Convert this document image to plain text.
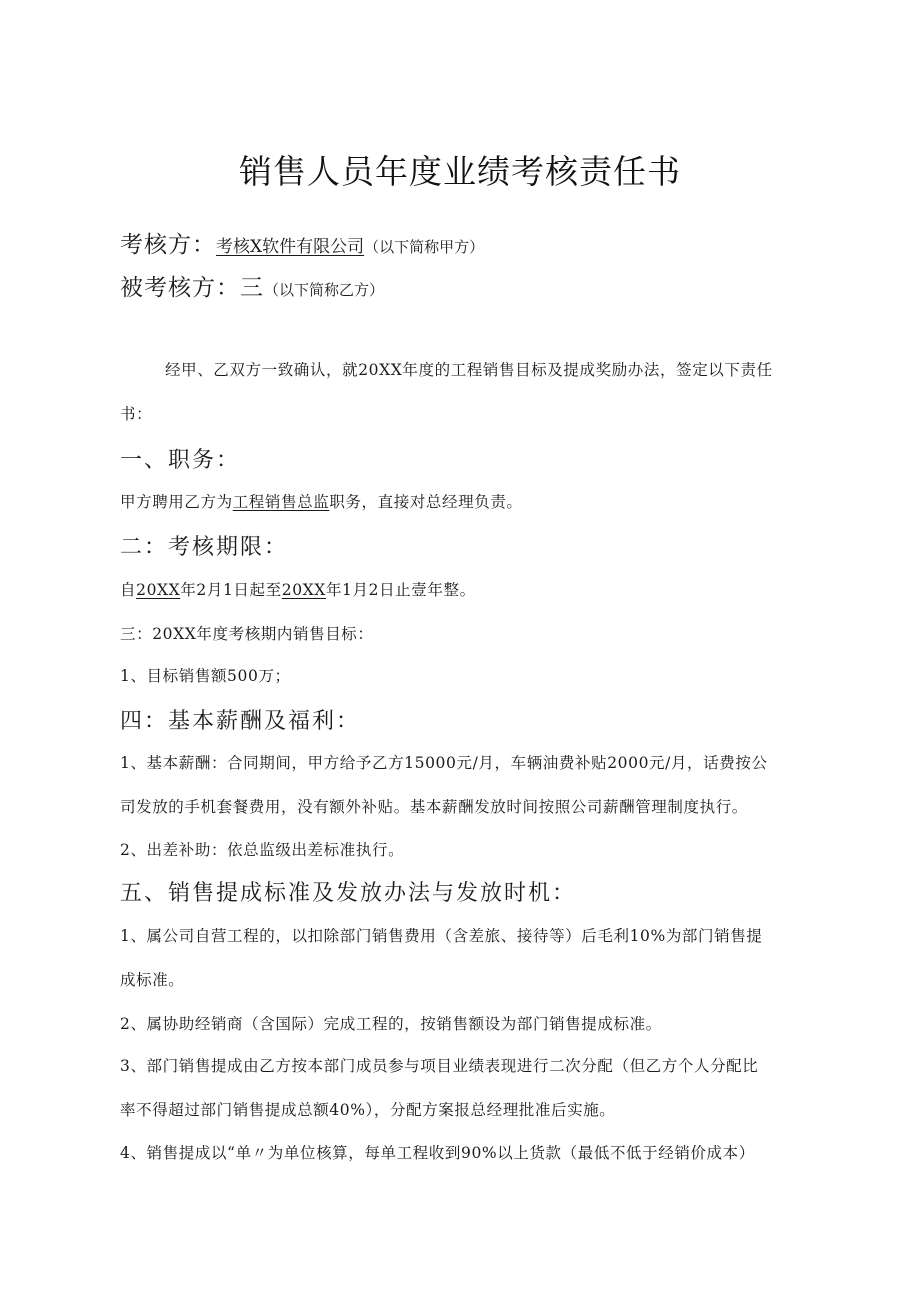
销售人员年度业绩考核责任书
考核方：考核X软件有限公司（以下简称甲方）
被考核方：三（以下简称乙方）
经甲、乙双方一致确认，就20XX年度的工程销售目标及提成奖励办法，签定以下责任
书：
一、职务：
甲方聘用乙方为工程销售总监职务，直接对总经理负责。
二：考核期限：
自20XX年2月1日起至20XX年1月2日止壹年整。
三：20XX年度考核期内销售目标：
1、目标销售额500万；
四：基本薪酬及福利：
1、基本薪酬：合同期间，甲方给予乙方15000元/月，车辆油费补贴2000元/月，话费按公
司发放的手机套餐费用，没有额外补贴。基本薪酬发放时间按照公司薪酬管理制度执行。
2、出差补助：依总监级出差标准执行。
五、销售提成标准及发放办法与发放时机：
1、属公司自营工程的，以扣除部门销售费用（含差旅、接待等）后毛利10%为部门销售提
成标准。
2、属协助经销商（含国际）完成工程的，按销售额设为部门销售提成标准。
3、部门销售提成由乙方按本部门成员参与项目业绩表现进行二次分配（但乙方个人分配比
率不得超过部门销售提成总额40%），分配方案报总经理批准后实施。
4、销售提成以“单〃为单位核算，每单工程收到90%以上货款（最低不低于经销价成本）
